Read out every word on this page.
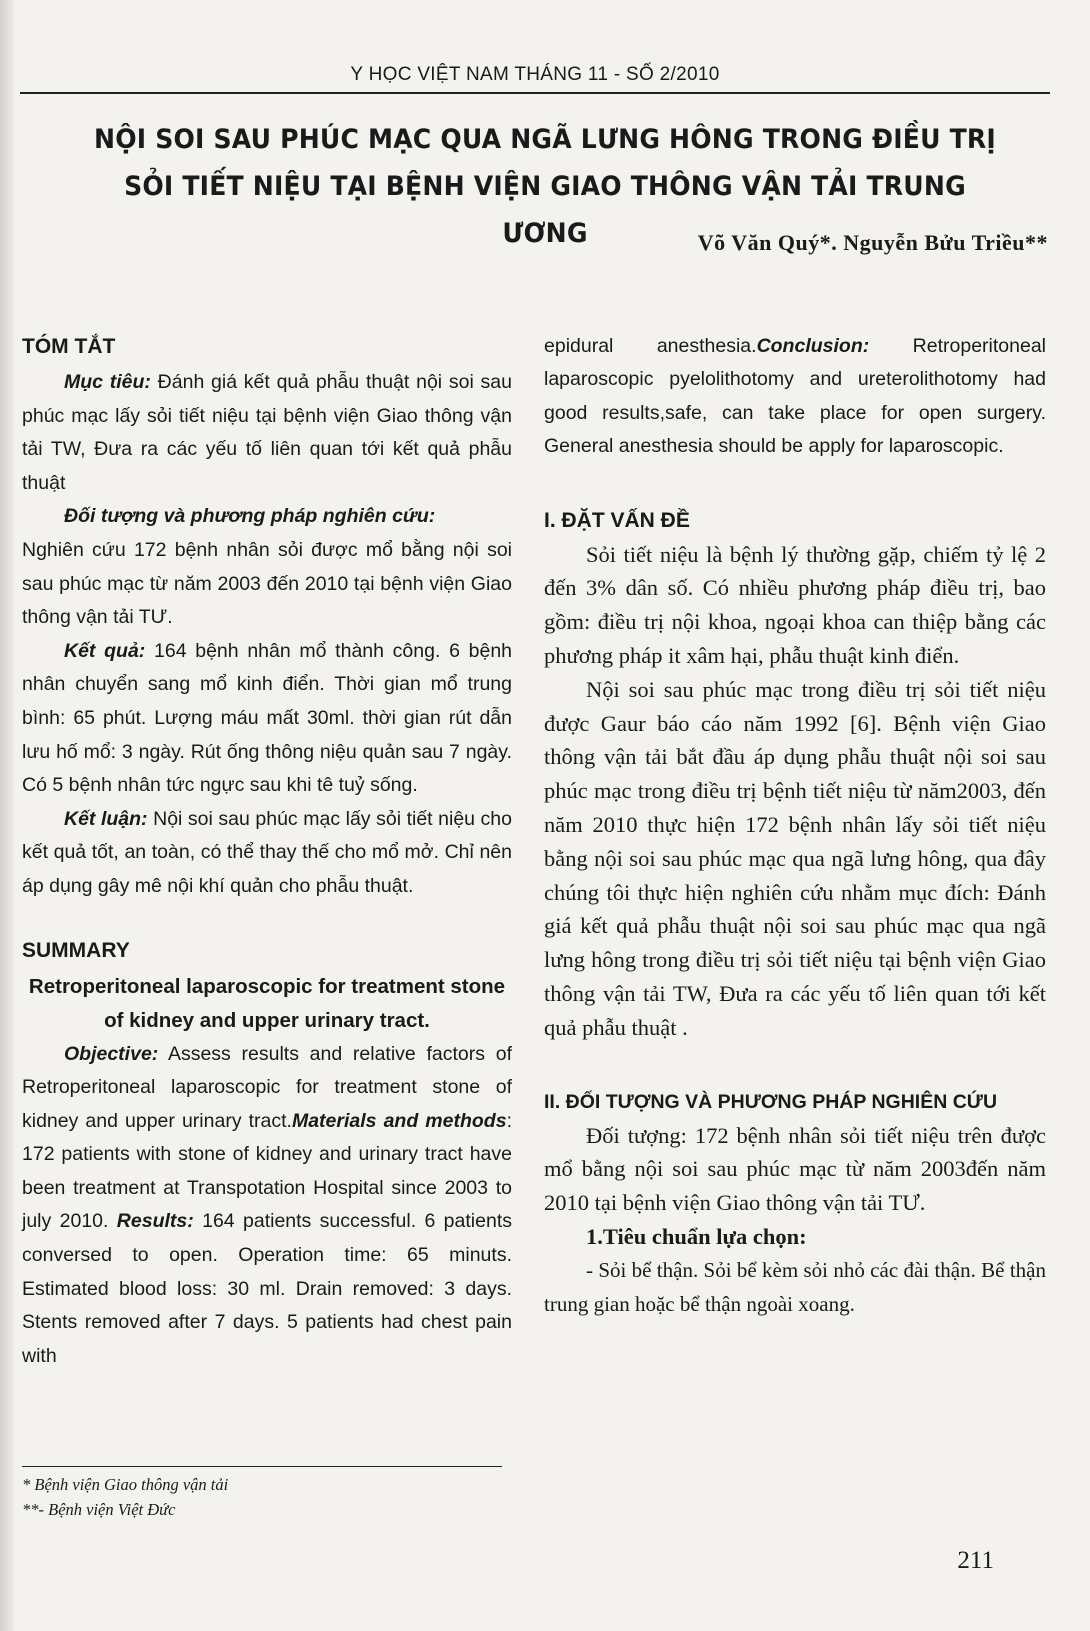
Y HỌC VIỆT NAM THÁNG 11 - SỐ 2/2010
NỘI SOI SAU PHÚC MẠC QUA NGÃ LƯNG HÔNG TRONG ĐIỀU TRỊ
SỎI TIẾT NIỆU TẠI BỆNH VIỆN GIAO THÔNG VẬN TẢI TRUNG ƯƠNG	Võ Văn Quý*. Nguyễn Bửu Triều**
TÓM TẮT

Mục tiêu: Đánh giá kết quả phẫu thuật nội soi sau phúc mạc lấy sỏi tiết niệu tại bệnh viện Giao thông vận tải TW, Đưa ra các yếu tố liên quan tới kết quả phẫu thuật

Đối tượng và phương pháp nghiên cứu:

Nghiên cứu 172 bệnh nhân sỏi được mổ bằng nội soi sau phúc mạc từ năm 2003 đến 2010 tại bệnh viện Giao thông vận tải TƯ.

Kết quả: 164 bệnh nhân mổ thành công. 6 bệnh nhân chuyển sang mổ kinh điển. Thời gian mổ trung bình: 65 phút. Lượng máu mất 30ml. thời gian rút dẫn lưu hố mổ: 3 ngày. Rút ống thông niệu quản sau 7 ngày. Có 5 bệnh nhân tức ngực sau khi tê tuỷ sống.

Kết luận: Nội soi sau phúc mạc lấy sỏi tiết niệu cho kết quả tốt, an toàn, có thể thay thế cho mổ mở. Chỉ nên áp dụng gây mê nội khí quản cho phẫu thuật.

SUMMARY

Retroperitoneal laparoscopic for treatment stone of kidney and upper urinary tract.

Objective: Assess results and relative factors of Retroperitoneal laparoscopic for treatment stone of kidney and upper urinary tract.Materials and methods: 172 patients with stone of kidney and urinary tract have been treatment at Transpotation Hospital since 2003 to july 2010. Results: 164 patients successful. 6 patients conversed to open. Operation time: 65 minuts. Estimated blood loss: 30 ml. Drain removed: 3 days. Stents removed after 7 days. 5 patients had chest pain with

epidural anesthesia.Conclusion: Retroperitoneal laparoscopic pyelolithotomy and ureterolithotomy had good results,safe, can take place for open surgery. General anesthesia should be apply for laparoscopic.

I. ĐẶT VẤN ĐỀ

Sỏi tiết niệu là bệnh lý thường gặp, chiếm tỷ lệ 2 đến 3% dân số. Có nhiều phương pháp điều trị, bao gồm: điều trị nội khoa, ngoại khoa can thiệp bằng các phương pháp it xâm hại, phẫu thuật kinh điển.

Nội soi sau phúc mạc trong điều trị sỏi tiết niệu được Gaur báo cáo năm 1992 [6]. Bệnh viện Giao thông vận tải bắt đầu áp dụng phẫu thuật nội soi sau phúc mạc trong điều trị bệnh tiết niệu từ năm2003, đến năm 2010 thực hiện 172 bệnh nhân lấy sỏi tiết niệu bằng nội soi sau phúc mạc qua ngã lưng hông, qua đây chúng tôi thực hiện nghiên cứu nhằm mục đích: Đánh giá kết quả phẫu thuật nội soi sau phúc mạc qua ngã lưng hông trong điều trị sỏi tiết niệu tại bệnh viện Giao thông vận tải TW, Đưa ra các yếu tố liên quan tới kết quả phẫu thuật .

II. ĐỐI TƯỢNG VÀ PHƯƠNG PHÁP NGHIÊN CỨU

Đối tượng: 172 bệnh nhân sỏi tiết niệu trên được mổ bằng nội soi sau phúc mạc từ năm 2003đến năm 2010 tại bệnh viện Giao thông vận tải TƯ.

1.Tiêu chuẩn lựa chọn:

- Sỏi bể thận. Sỏi bể kèm sỏi nhỏ các đài thận. Bể thận trung gian hoặc bể thận ngoài xoang.

* Bệnh viện Giao thông vận tải
**- Bệnh viện Việt Đức
211
